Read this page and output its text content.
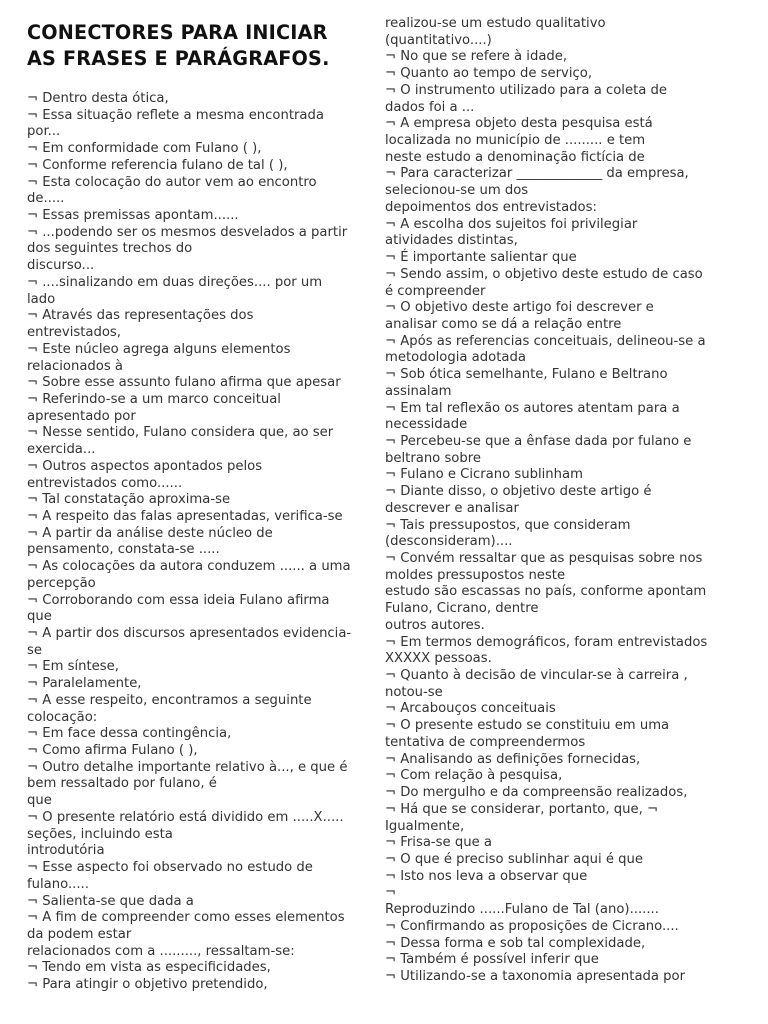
CONECTORES PARA INICIAR
AS FRASES E PARÁGRAFOS.
¬ Dentro desta ótica,
¬ Essa situação reflete a mesma encontrada
por...
¬ Em conformidade com Fulano ( ),
¬ Conforme referencia fulano de tal ( ),
¬ Esta colocação do autor vem ao encontro
de.....
¬ Essas premissas apontam......
¬ ...podendo ser os mesmos desvelados a partir
dos seguintes trechos do
discurso...
¬ ....sinalizando em duas direções.... por um
lado
¬ Através das representações dos
entrevistados,
¬ Este núcleo agrega alguns elementos
relacionados à
¬ Sobre esse assunto fulano afirma que apesar
¬ Referindo-se a um marco conceitual
apresentado por
¬ Nesse sentido, Fulano considera que, ao ser
exercida...
¬ Outros aspectos apontados pelos
entrevistados como......
¬ Tal constatação aproxima-se
¬ A respeito das falas apresentadas, verifica-se
¬ A partir da análise deste núcleo de
pensamento, constata-se .....
¬ As colocações da autora conduzem ...... a uma
percepção
¬ Corroborando com essa ideia Fulano afirma
que
¬ A partir dos discursos apresentados evidencia-
se
¬ Em síntese,
¬ Paralelamente,
¬ A esse respeito, encontramos a seguinte
colocação:
¬ Em face dessa contingência,
¬ Como afirma Fulano ( ),
¬ Outro detalhe importante relativo à..., e que é
bem ressaltado por fulano, é
que
¬ O presente relatório está dividido em .....X.....
seções, incluindo esta
introdutória
¬ Esse aspecto foi observado no estudo de
fulano.....
¬ Salienta-se que dada a
¬ A fim de compreender como esses elementos
da podem estar
relacionados com a ........., ressaltam-se:
¬ Tendo em vista as especificidades,
¬ Para atingir o objetivo pretendido,
realizou-se um estudo qualitativo
(quantitativo....)
¬ No que se refere à idade,
¬ Quanto ao tempo de serviço,
¬ O instrumento utilizado para a coleta de
dados foi a ...
¬ A empresa objeto desta pesquisa está
localizada no município de ......... e tem
neste estudo a denominação fictícia de
¬ Para caracterizar _____________ da empresa,
selecionou-se um dos
depoimentos dos entrevistados:
¬ A escolha dos sujeitos foi privilegiar
atividades distintas,
¬ É importante salientar que
¬ Sendo assim, o objetivo deste estudo de caso
é compreender
¬ O objetivo deste artigo foi descrever e
analisar como se dá a relação entre
¬ Após as referencias conceituais, delineou-se a
metodologia adotada
¬ Sob ótica semelhante, Fulano e Beltrano
assinalam
¬ Em tal reflexão os autores atentam para a
necessidade
¬ Percebeu-se que a ênfase dada por fulano e
beltrano sobre
¬ Fulano e Cicrano sublinham
¬ Diante disso, o objetivo deste artigo é
descrever e analisar
¬ Tais pressupostos, que consideram
(desconsideram)....
¬ Convém ressaltar que as pesquisas sobre nos
moldes pressupostos neste
estudo são escassas no país, conforme apontam
Fulano, Cicrano, dentre
outros autores.
¬ Em termos demográficos, foram entrevistados
XXXXX pessoas.
¬ Quanto à decisão de vincular-se à carreira ,
notou-se
¬ Arcabouços conceituais
¬ O presente estudo se constituiu em uma
tentativa de compreendermos
¬ Analisando as definições fornecidas,
¬ Com relação à pesquisa,
¬ Do mergulho e da compreensão realizados,
¬ Há que se considerar, portanto, que, ¬
Igualmente,
¬ Frisa-se que a
¬ O que é preciso sublinhar aqui é que
¬ Isto nos leva a observar que
¬
Reproduzindo ......Fulano de Tal (ano).......
¬ Confirmando as proposições de Cicrano....
¬ Dessa forma e sob tal complexidade,
¬ Também é possível inferir que
¬ Utilizando-se a taxonomia apresentada por
